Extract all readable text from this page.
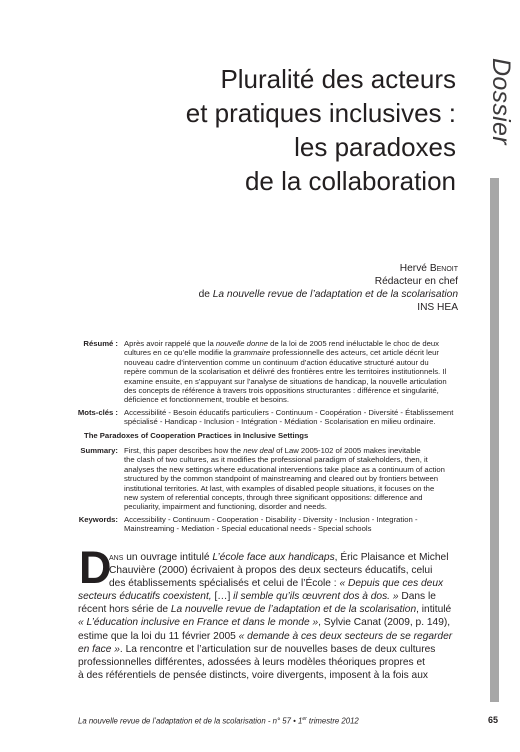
Dossier
Pluralité des acteurs
et pratiques inclusives :
les paradoxes
de la collaboration
Hervé Benoit
Rédacteur en chef
de La nouvelle revue de l’adaptation et de la scolarisation
INS HEA
Résumé : Après avoir rappelé que la nouvelle donne de la loi de 2005 rend inéluctable le choc de deux
cultures en ce qu’elle modifie la grammaire professionnelle des acteurs, cet article décrit leur
nouveau cadre d’intervention comme un continuum d’action éducative structuré autour du
repère commun de la scolarisation et délivré des frontières entre les territoires institutionnels. Il
examine ensuite, en s’appuyant sur l’analyse de situations de handicap, la nouvelle articulation
des concepts de référence à travers trois oppositions structurantes : différence et singularité,
déficience et fonctionnement, trouble et besoins.
Mots-clés : Accessibilité - Besoin éducatifs particuliers - Continuum - Coopération - Diversité - Établissement
spécialisé - Handicap - Inclusion - Intégration - Médiation - Scolarisation en milieu ordinaire.
The Paradoxes of Cooperation Practices in Inclusive Settings
Summary: First, this paper describes how the new deal of Law 2005-102 of 2005 makes inevitable
the clash of two cultures, as it modifies the professional paradigm of stakeholders, then, it
analyses the new settings where educational interventions take place as a continuum of action
structured by the common standpoint of mainstreaming and cleared out by frontiers between
institutional territories. At last, with examples of disabled people situations, it focuses on the
new system of referential concepts, through three significant oppositions: difference and
peculiarity, impairment and functioning, disorder and needs.
Keywords: Accessibility - Continuum - Cooperation - Disability - Diversity - Inclusion - Integration -
Mainstreaming - Mediation - Special educational needs - Special schools
D
ans un ouvrage intitulé L’école face aux handicaps, Éric Plaisance et Michel
Chauvière (2000) écrivaient à propos des deux secteurs éducatifs, celui
des établissements spécialisés et celui de l’École : « Depuis que ces deux
secteurs éducatifs coexistent, […] il semble qu’ils œuvrent dos à dos. » Dans le
récent hors série de La nouvelle revue de l’adaptation et de la scolarisation, intitulé
« L’éducation inclusive en France et dans le monde », Sylvie Canat (2009, p. 149),
estime que la loi du 11 février 2005 « demande à ces deux secteurs de se regarder
en face ». La rencontre et l’articulation sur de nouvelles bases de deux cultures
professionnelles différentes, adossées à leurs modèles théoriques propres et
à des référentiels de pensée distincts, voire divergents, imposent à la fois aux
La nouvelle revue de l’adaptation et de la scolarisation - n° 57 • 1er trimestre 2012	65
